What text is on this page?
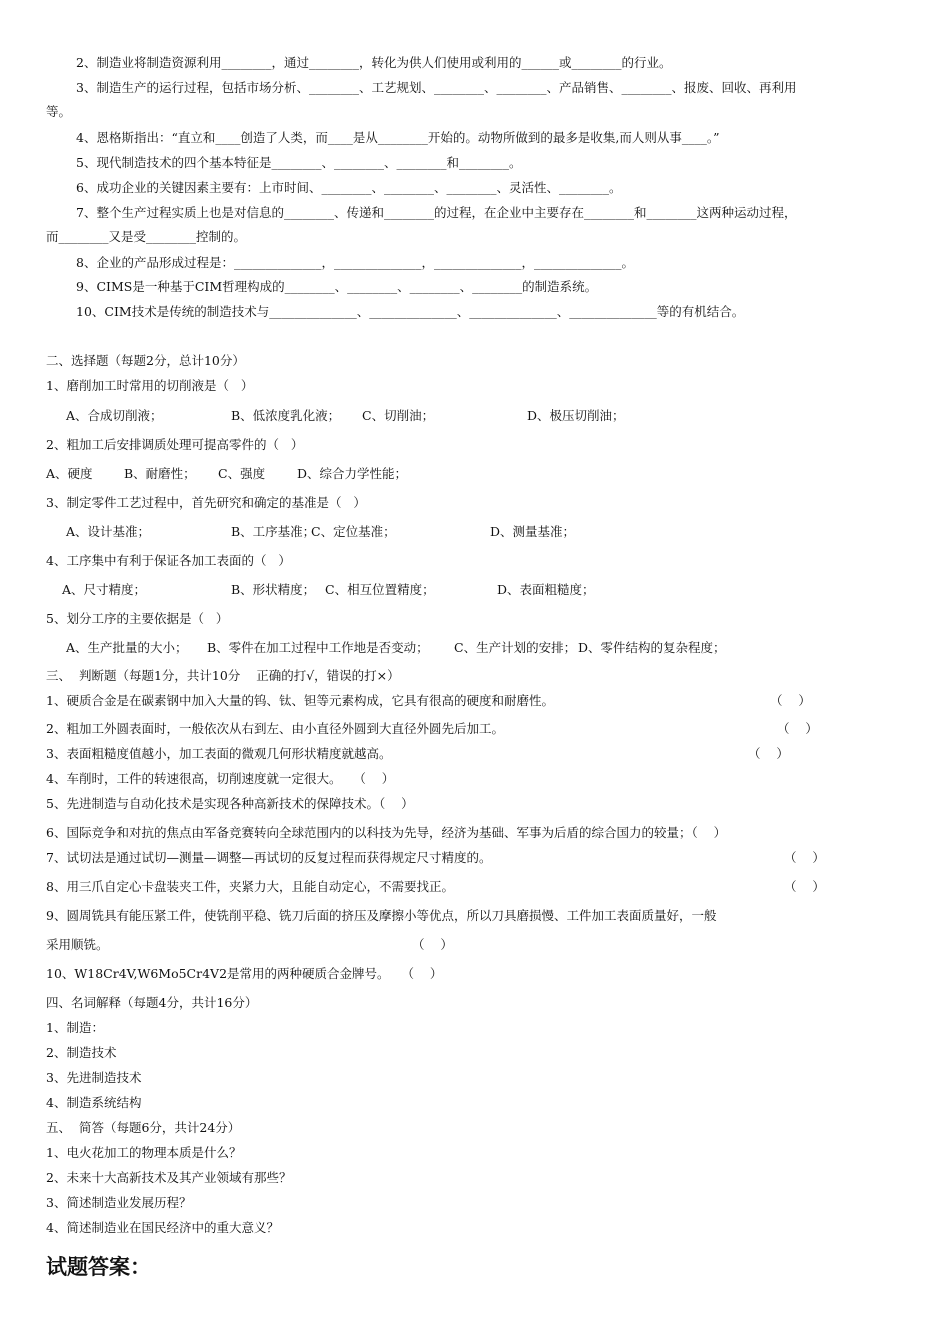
2、制造业将制造资源利用________，通过________，转化为供人们使用或利用的______或________的行业。
3、制造生产的运行过程，包括市场分析、________、工艺规划、________、________、产品销售、________、报废、回收、再利用
等。
4、恩格斯指出：“直立和____创造了人类，而____是从________开始的。动物所做到的最多是收集,而人则从事____。”
5、现代制造技术的四个基本特征是________、________、________和________。
6、成功企业的关键因素主要有：上市时间、________、________、________、灵活性、________。
7、整个生产过程实质上也是对信息的________、传递和________的过程，在企业中主要存在________和________这两种运动过程，
而________又是受________控制的。
8、企业的产品形成过程是：______________，______________，______________，______________。
9、CIMS是一种基于CIM哲理构成的________、________、________、________的制造系统。
10、CIM技术是传统的制造技术与______________、______________、______________、______________等的有机结合。
二、选择题（每题2分，总计10分）
1、磨削加工时常用的切削液是（   ）
A、合成切削液；	B、低浓度乳化液； C、切削油；	D、极压切削油；
2、粗加工后安排调质处理可提高零件的（   ）
A、硬度	B、耐磨性； C、强度	D、综合力学性能；
3、制定零件工艺过程中，首先研究和确定的基准是（   ）
A、设计基准；	B、工序基准；
C、定位基准；	D、测量基准；
4、工序集中有利于保证各加工表面的（   ）
A、尺寸精度；	B、形状精度； C、相互位置精度；	D、表面粗糙度；
5、划分工序的主要依据是（   ）
A、生产批量的大小； B、零件在加工过程中工作地是否变动； C、生产计划的安排； D、零件结构的复杂程度；
三、  判断题（每题1分，共计10分    正确的打√，错误的打×）
1、硬质合金是在碳素钢中加入大量的钨、钛、钽等元素构成，它具有很高的硬度和耐磨性。	（    ）
2、粗加工外圆表面时，一般依次从右到左、由小直径外圆到大直径外圆先后加工。	（    ）
3、表面粗糙度值越小，加工表面的微观几何形状精度就越高。	（    ）
4、车削时，工件的转速很高，切削速度就一定很大。   （    ）
5、先进制造与自动化技术是实现各种高新技术的保障技术。（    ）
6、国际竞争和对抗的焦点由军备竞赛转向全球范围内的以科技为先导，经济为基础、军事为后盾的综合国力的较量；（    ）
7、试切法是通过试切—测量—调整—再试切的反复过程而获得规定尺寸精度的。	（    ）
8、用三爪自定心卡盘装夹工件，夹紧力大，且能自动定心，不需要找正。	（    ）
9、圆周铣具有能压紧工件，使铣削平稳、铣刀后面的挤压及摩擦小等优点，所以刀具磨损慢、工件加工表面质量好，一般
采用顺铣。	（    ）
10、W18Cr4V,W6Mo5Cr4V2是常用的两种硬质合金牌号。   （    ）
四、名词解释（每题4分，共计16分）
1、制造：
2、制造技术
3、先进制造技术
4、制造系统结构
五、  简答（每题6分，共计24分）
1、电火花加工的物理本质是什么？
2、未来十大高新技术及其产业领域有那些？
3、简述制造业发展历程？
4、简述制造业在国民经济中的重大意义？
试题答案：
